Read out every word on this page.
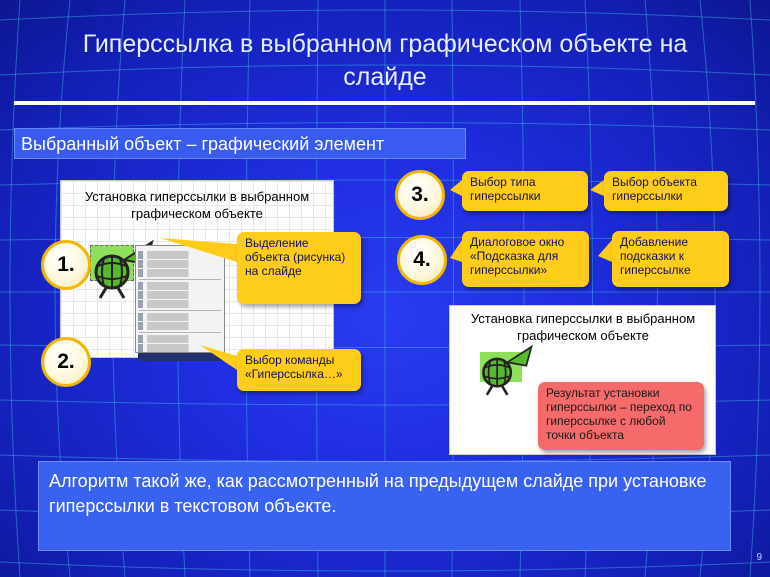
Гиперссылка в выбранном графическом объекте на слайде
Выбранный объект – графический элемент
Установка гиперссылки в выбранном графическом объекте
1.
2.
3.
4.
Выделение объекта (рисунка) на слайде
Выбор команды «Гиперссылка…»
Выбор типа гиперссылки
Выбор объекта гиперссылки
Диалоговое окно «Подсказка для гиперссылки»
Добавление подсказки к гиперссылке
Установка гиперссылки в выбранном графическом объекте
Результат установки гиперссылки – переход по гиперссылке с любой точки объекта
Алгоритм такой же, как рассмотренный на предыдущем слайде при установке гиперссылки в текстовом объекте.
9
